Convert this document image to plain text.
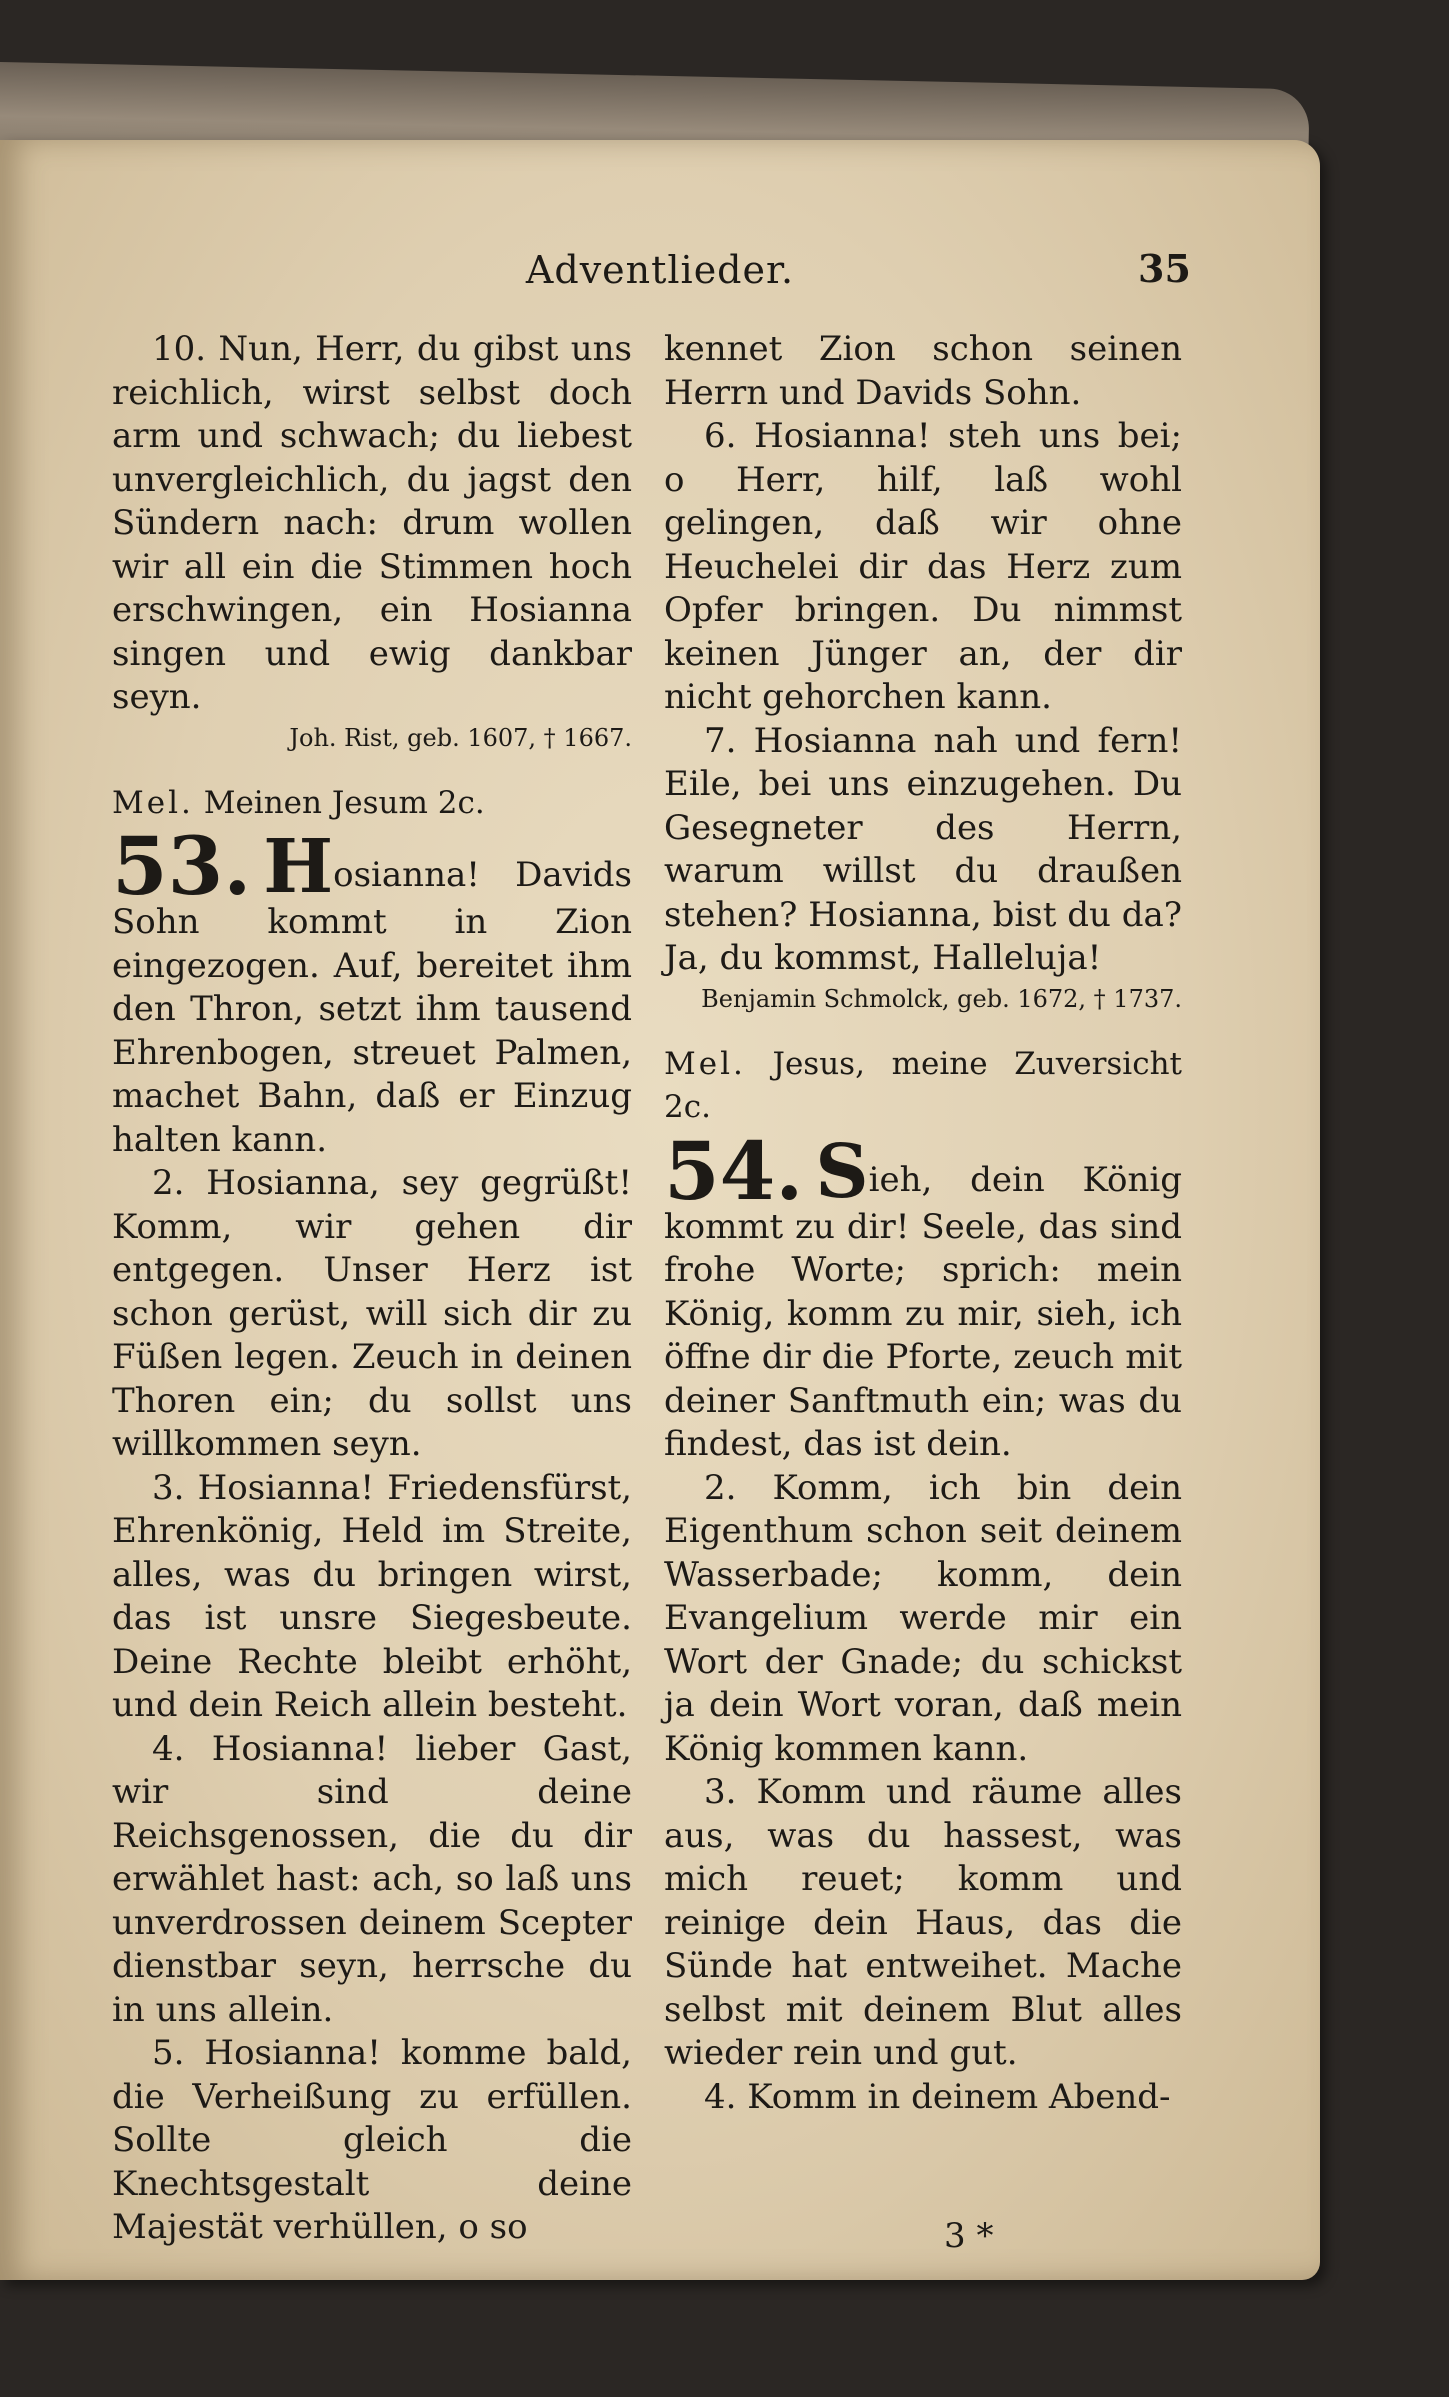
Adventlieder.	35

10. Nun, Herr, du gibst uns reichlich, wirst selbst doch arm und schwach; du liebest unvergleichlich, du jagst den Sündern nach: drum wollen wir all ein die Stimmen hoch erschwingen, ein Hosianna singen und ewig dankbar seyn.

Joh. Rist, geb. 1607, † 1667.

Mel. Meinen Jesum 2c.

53. Hosianna! Davids Sohn kommt in Zion eingezogen. Auf, bereitet ihm den Thron, setzt ihm tausend Ehrenbogen, streuet Palmen, machet Bahn, daß er Einzug halten kann.

2. Hosianna, sey gegrüßt! Komm, wir gehen dir entgegen. Unser Herz ist schon gerüst, will sich dir zu Füßen legen. Zeuch in deinen Thoren ein; du sollst uns willkommen seyn.

3. Hosianna! Friedensfürst, Ehrenkönig, Held im Streite, alles, was du bringen wirst, das ist unsre Siegesbeute. Deine Rechte bleibt erhöht, und dein Reich allein besteht.

4. Hosianna! lieber Gast, wir sind deine Reichsgenossen, die du dir erwählet hast: ach, so laß uns unverdrossen deinem Scepter dienstbar seyn, herrsche du in uns allein.

5. Hosianna! komme bald, die Verheißung zu erfüllen. Sollte gleich die Knechtsgestalt deine Majestät verhüllen, o so

kennet Zion schon seinen Herrn und Davids Sohn.

6. Hosianna! steh uns bei; o Herr, hilf, laß wohl gelingen, daß wir ohne Heuchelei dir das Herz zum Opfer bringen. Du nimmst keinen Jünger an, der dir nicht gehorchen kann.

7. Hosianna nah und fern! Eile, bei uns einzugehen. Du Gesegneter des Herrn, warum willst du draußen stehen? Hosianna, bist du da? Ja, du kommst, Halleluja!

Benjamin Schmolck, geb. 1672, † 1737.

Mel. Jesus, meine Zuversicht 2c.

54. Sieh, dein König kommt zu dir! Seele, das sind frohe Worte; sprich: mein König, komm zu mir, sieh, ich öffne dir die Pforte, zeuch mit deiner Sanftmuth ein; was du findest, das ist dein.

2. Komm, ich bin dein Eigenthum schon seit deinem Wasserbade; komm, dein Evangelium werde mir ein Wort der Gnade; du schickst ja dein Wort voran, daß mein König kommen kann.

3. Komm und räume alles aus, was du hassest, was mich reuet; komm und reinige dein Haus, das die Sünde hat entweihet. Mache selbst mit deinem Blut alles wieder rein und gut.

4. Komm in deinem Abend-

3 *
